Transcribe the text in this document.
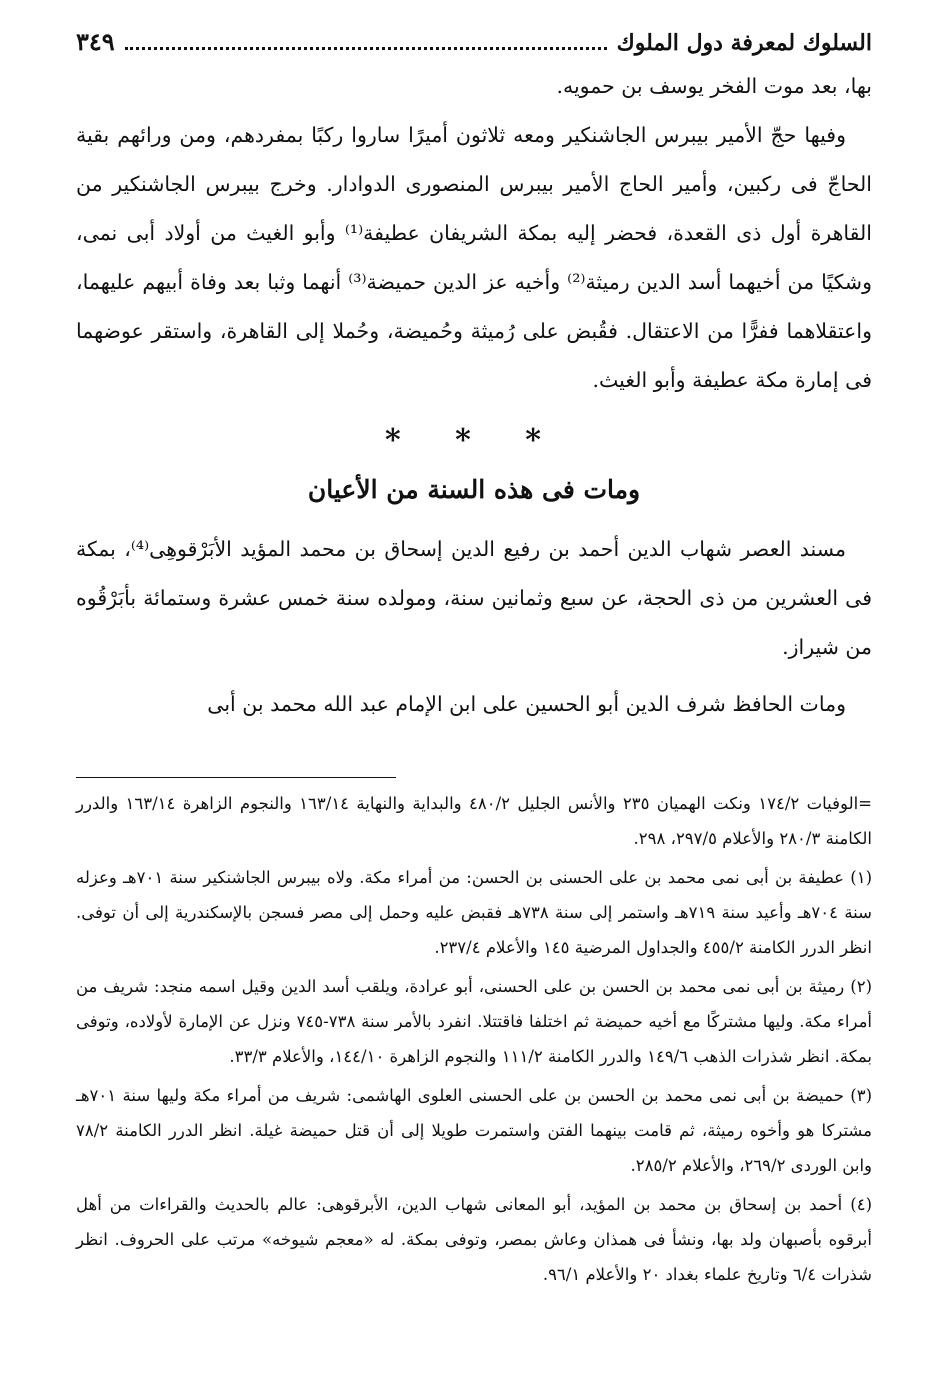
السلوك لمعرفة دول الملوك
٣٤٩

بها، بعد موت الفخر يوسف بن حمويه.

وفيها حجّ الأمير بيبرس الجاشنكير ومعه ثلاثون أميرًا ساروا ركبًا بمفردهم، ومن ورائهم بقية الحاجّ فى ركبين، وأمير الحاج الأمير بيبرس المنصورى الدوادار. وخرج بيبرس الجاشنكير من القاهرة أول ذى القعدة، فحضر إليه بمكة الشريفان عطيفة⁽¹⁾ وأبو الغيث من أولاد أبى نمى، وشكيًا من أخيهما أسد الدين رميثة⁽²⁾ وأخيه عز الدين حميضة⁽³⁾ أنهما وثبا بعد وفاة أبيهم عليهما، واعتقلاهما ففرًّا من الاعتقال. فقُبض على رُميثة وحُميضة، وحُملا إلى القاهرة، واستقر عوضهما فى إمارة مكة عطيفة وأبو الغيث.

* * *
ومات فى هذه السنة من الأعيان

مسند العصر شهاب الدين أحمد بن رفيع الدين إسحاق بن محمد المؤيد الأبَرْقوهِى⁽⁴⁾، بمكة فى العشرين من ذى الحجة، عن سبع وثمانين سنة، ومولده سنة خمس عشرة وستمائة بأبَرْقُوه من شيراز.

ومات الحافظ شرف الدين أبو الحسين على ابن الإمام عبد الله محمد بن أبى

=الوفيات ١٧٤/٢ ونكت الهميان ٢٣٥ والأنس الجليل ٤٨٠/٢ والبداية والنهاية ١٦٣/١٤ والنجوم الزاهرة ١٦٣/١٤ والدرر الكامنة ٢٨٠/٣ والأعلام ٢٩٧/٥، ٢٩٨.

(١) عطيفة بن أبى نمى محمد بن على الحسنى بن الحسن: من أمراء مكة. ولاه بيبرس الجاشنكير سنة ٧٠١هـ وعزله سنة ٧٠٤هـ وأعيد سنة ٧١٩هـ واستمر إلى سنة ٧٣٨هـ فقبض عليه وحمل إلى مصر فسجن بالإسكندرية إلى أن توفى. انظر الدرر الكامنة ٤٥٥/٢ والجداول المرضية ١٤٥ والأعلام ٢٣٧/٤.

(٢) رميثة بن أبى نمى محمد بن الحسن بن على الحسنى، أبو عرادة، ويلقب أسد الدين وقيل اسمه منجد: شريف من أمراء مكة. وليها مشتركًا مع أخيه حميضة ثم اختلفا فاقتتلا. انفرد بالأمر سنة ٧٣٨-٧٤٥ ونزل عن الإمارة لأولاده، وتوفى بمكة. انظر شذرات الذهب ١٤٩/٦ والدرر الكامنة ١١١/٢ والنجوم الزاهرة ١٤٤/١٠، والأعلام ٣٣/٣.

(٣) حميضة بن أبى نمى محمد بن الحسن بن على الحسنى العلوى الهاشمى: شريف من أمراء مكة وليها سنة ٧٠١هـ مشتركا هو وأخوه رميثة، ثم قامت بينهما الفتن واستمرت طويلا إلى أن قتل حميضة غيلة. انظر الدرر الكامنة ٧٨/٢ وابن الوردى ٢٦٩/٢، والأعلام ٢٨٥/٢.

(٤) أحمد بن إسحاق بن محمد بن المؤيد، أبو المعانى شهاب الدين، الأبرقوهى: عالم بالحديث والقراءات من أهل أبرقوه بأصبهان ولد بها، ونشأ فى همذان وعاش بمصر، وتوفى بمكة. له «معجم شيوخه» مرتب على الحروف. انظر شذرات ٦/٤ وتاريخ علماء بغداد ٢٠ والأعلام ٩٦/١.
